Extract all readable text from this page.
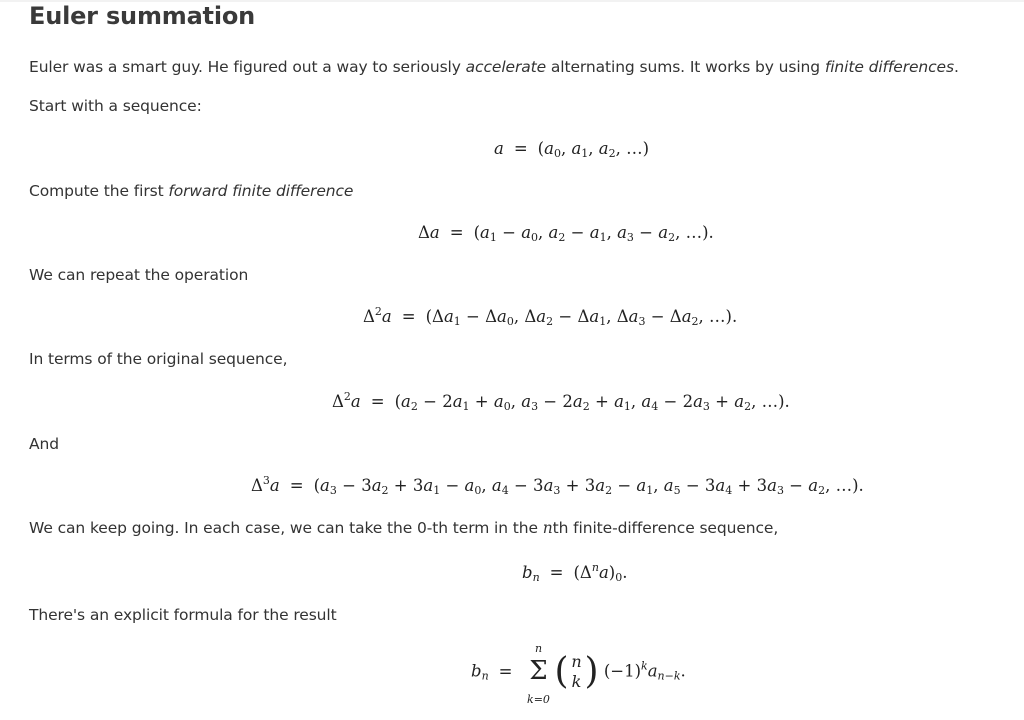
Euler summation

Euler was a smart guy. He figured out a way to seriously accelerate alternating sums. It works by using finite differences.

Start with a sequence:

$a = (a_0$, $a_1$, $a_2$, …)

Compute the first forward finite difference

$\Delta a = (a_1 - a_0$, $a_2 - a_1$, $a_3 - a_2$, …).

We can repeat the operation

$\Delta^2a = (\Delta a_1 - \Delta a_0$, $\Delta a_2 - \Delta a_1$, $\Delta a_3 - \Delta a_2$, …).

In terms of the original sequence,

$\Delta^2a = (a_2 - 2a_1 + a_0$, $a_3 - 2a_2 + a_1$, $a_4 - 2a_3 + a_2$, …).

And

$\Delta^3a = (a_3 - 3a_2 + 3a_1 - a_0$, $a_4 - 3a_3 + 3a_2 - a_1$, $a_5 - 3a_4 + 3a_3 - a_2$, …).

We can keep going. In each case, we can take the 0-th term in the nth finite-difference sequence,

$b_n = (\Delta^na)_0$.

There's an explicit formula for the result

$b_n$ =
n
Σ
k=0
( n
k) $(-1)^ka_{n-k}$.
